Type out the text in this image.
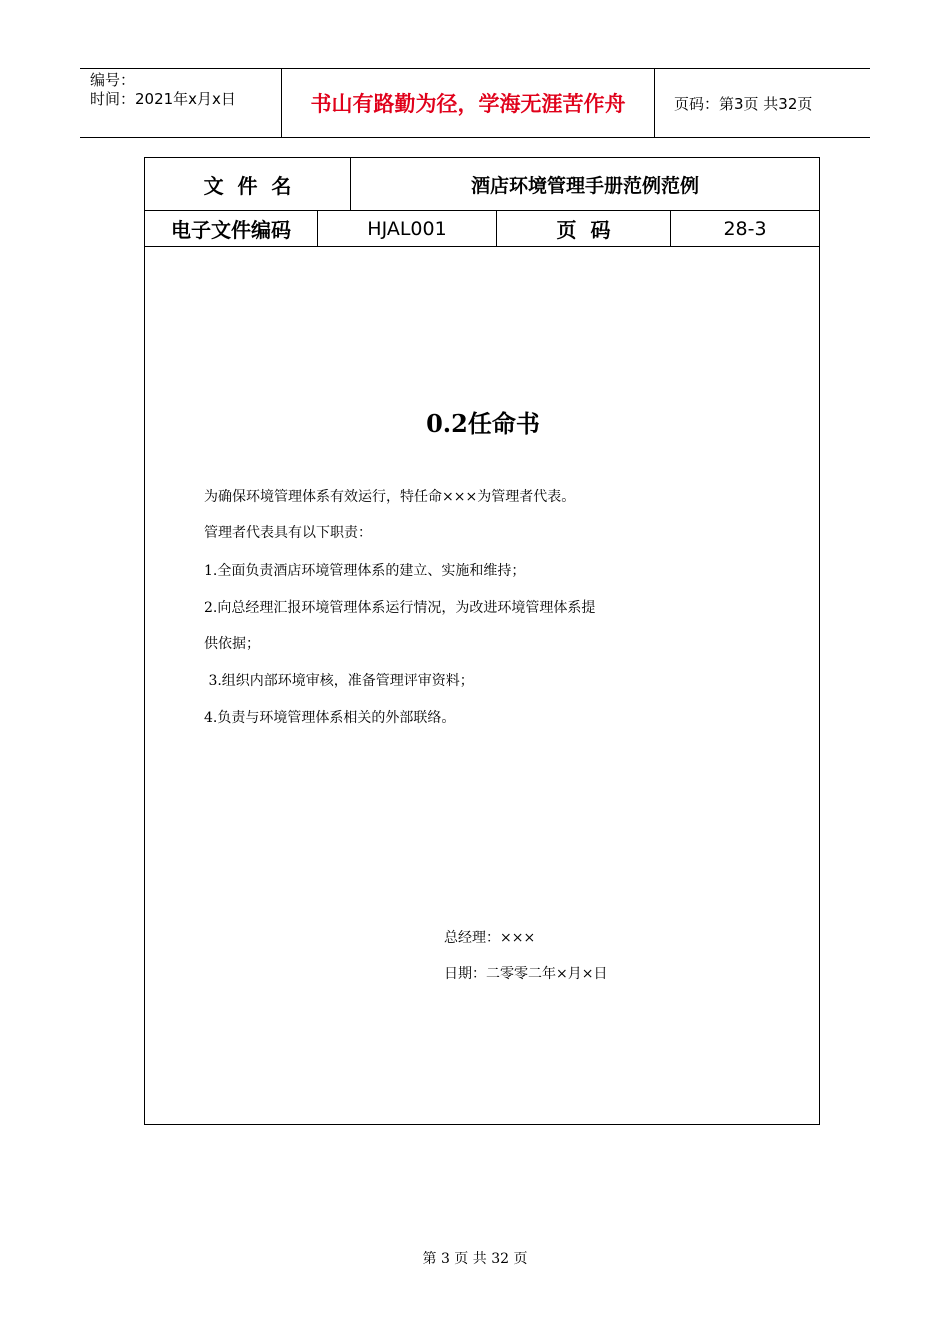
编号：
时间：2021年x月x日	书山有路勤为径，学海无涯苦作舟	页码：第3页 共32页
文  件  名	酒店环境管理手册范例范例
电子文件编码	HJAL001	页  码	28-3
0.2任命书
为确保环境管理体系有效运行，特任命×××为管理者代表。
管理者代表具有以下职责：
1.全面负责酒店环境管理体系的建立、实施和维持；
2.向总经理汇报环境管理体系运行情况，为改进环境管理体系提
供依据；
3.组织内部环境审核，准备管理评审资料；
4.负责与环境管理体系相关的外部联络。
总经理：×××
日期：二零零二年×月×日
第 3 页 共 32 页
